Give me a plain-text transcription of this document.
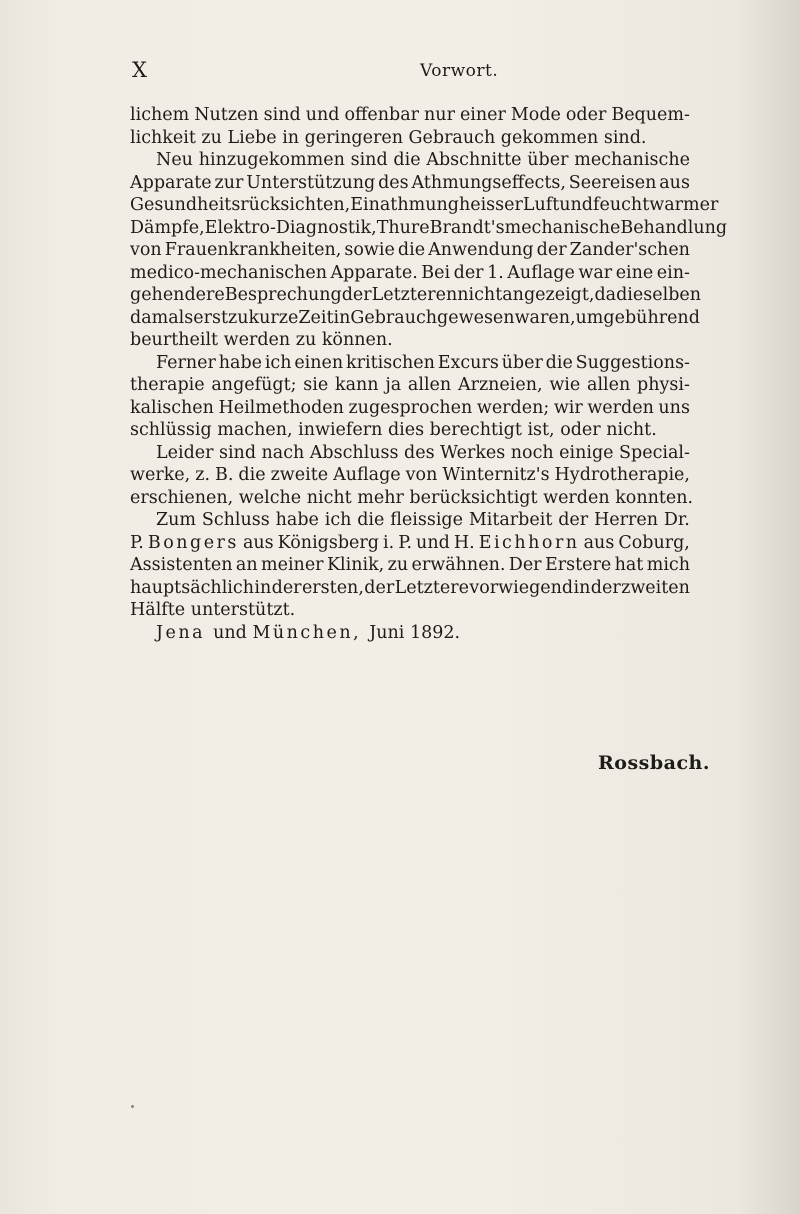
X	Vorwort.
lichem Nutzen sind und offenbar nur einer Mode oder Bequem-
lichkeit zu Liebe in geringeren Gebrauch gekommen sind.
Neu hinzugekommen sind die Abschnitte über mechanische
Apparate zur Unterstützung des Athmungseffects, Seereisen aus
Gesundheitsrücksichten, Einathmung heisser Luft und feuchtwarmer
Dämpfe, Elektro-Diagnostik, Thure Brandt's mechanische Behandlung
von Frauenkrankheiten, sowie die Anwendung der Zander'schen
medico-mechanischen Apparate. Bei der 1. Auflage war eine ein-
gehendere Besprechung der Letzteren nicht angezeigt, da dieselben
damals erst zu kurze Zeit in Gebrauch gewesen waren, um gebührend
beurtheilt werden zu können.
Ferner habe ich einen kritischen Excurs über die Suggestions-
therapie angefügt; sie kann ja allen Arzneien, wie allen physi-
kalischen Heilmethoden zugesprochen werden; wir werden uns
schlüssig machen, inwiefern dies berechtigt ist, oder nicht.
Leider sind nach Abschluss des Werkes noch einige Special-
werke, z. B. die zweite Auflage von Winternitz's Hydrotherapie,
erschienen, welche nicht mehr berücksichtigt werden konnten.
Zum Schluss habe ich die fleissige Mitarbeit der Herren Dr.
P. Bongers aus Königsberg i. P. und H. Eichhorn aus Coburg,
Assistenten an meiner Klinik, zu erwähnen. Der Erstere hat mich
hauptsächlich in der ersten, der Letztere vorwiegend in der zweiten
Hälfte unterstützt.
Jena und München, Juni 1892.
Rossbach.
